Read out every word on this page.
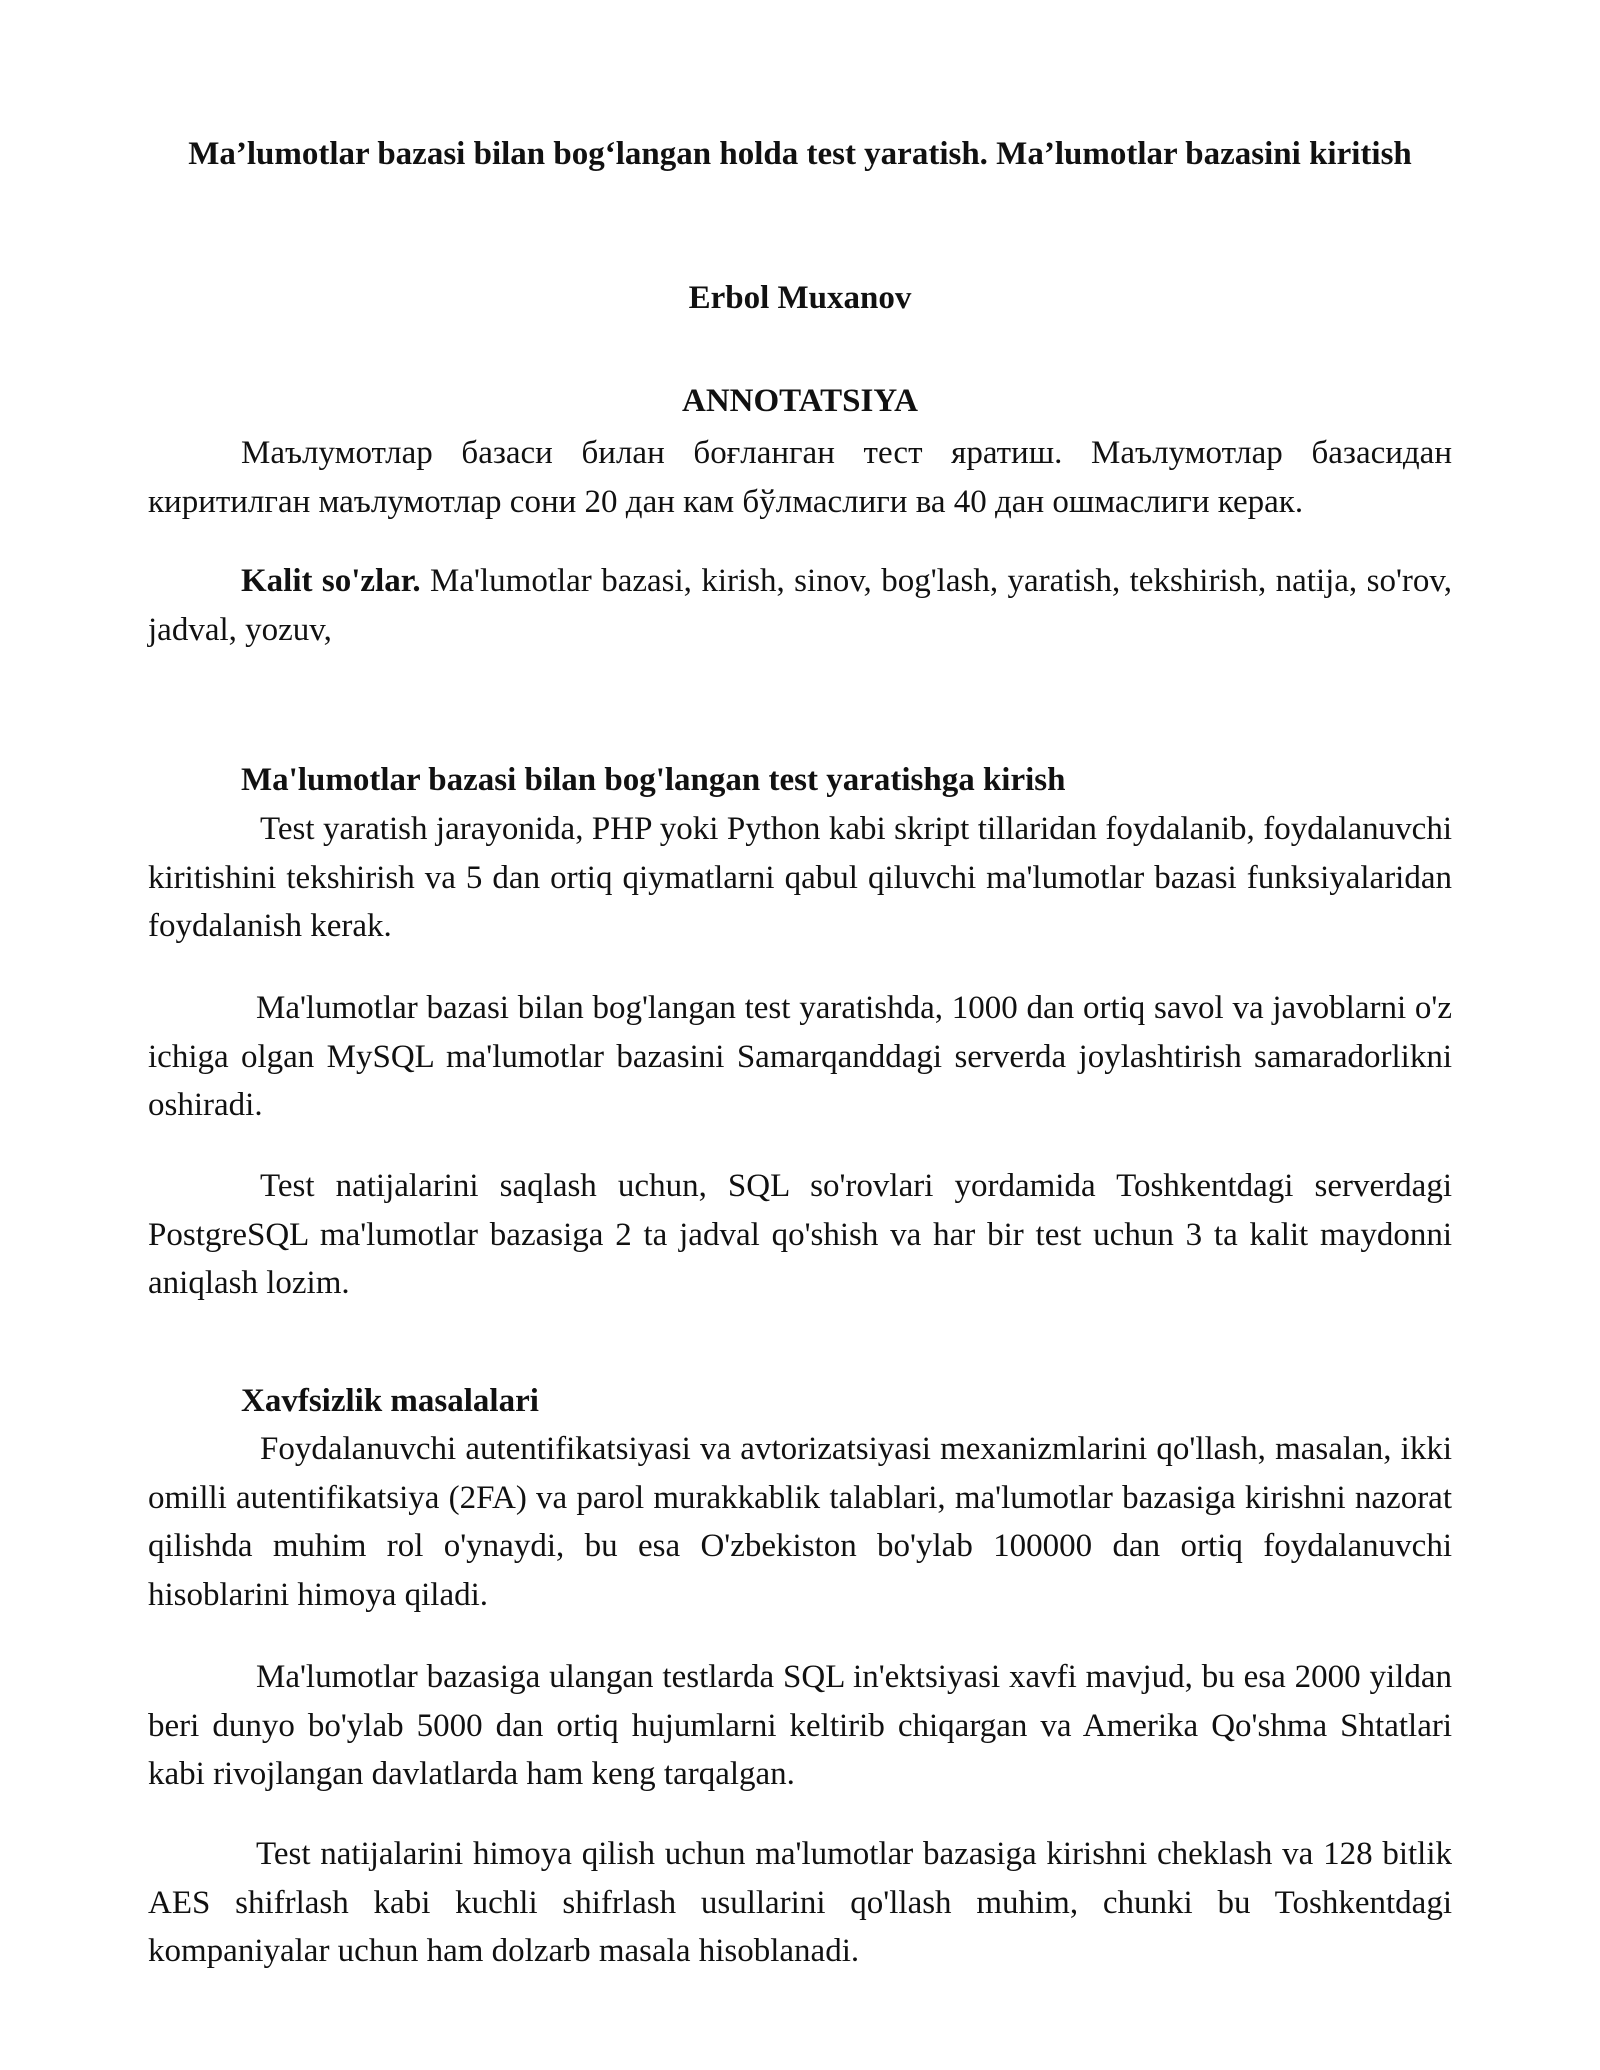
Ma’lumotlar bazasi bilan bog‘langan holda test yaratish. Ma’lumotlar bazasini kiritish

Erbol Muxanov

ANNOTATSIYA

Маълумотлар базаси билан боғланган тест яратиш. Маълумотлар базасидан киритилган маълумотлар сони 20 дан кам бўлмаслиги ва 40 дан ошмаслиги керак.

Kalit so'zlar. Ma'lumotlar bazasi, kirish, sinov, bog'lash, yaratish, tekshirish, natija, so'rov, jadval, yozuv,

Ma'lumotlar bazasi bilan bog'langan test yaratishga kirish

Test yaratish jarayonida, PHP yoki Python kabi skript tillaridan foydalanib, foydalanuvchi kiritishini tekshirish va 5 dan ortiq qiymatlarni qabul qiluvchi ma'lumotlar bazasi funksiyalaridan foydalanish kerak.

Ma'lumotlar bazasi bilan bog'langan test yaratishda, 1000 dan ortiq savol va javoblarni o'z ichiga olgan MySQL ma'lumotlar bazasini Samarqanddagi serverda joylashtirish samaradorlikni oshiradi.

Test natijalarini saqlash uchun, SQL so'rovlari yordamida Toshkentdagi serverdagi PostgreSQL ma'lumotlar bazasiga 2 ta jadval qo'shish va har bir test uchun 3 ta kalit maydonni aniqlash lozim.

Xavfsizlik masalalari

Foydalanuvchi autentifikatsiyasi va avtorizatsiyasi mexanizmlarini qo'llash, masalan, ikki omilli autentifikatsiya (2FA) va parol murakkablik talablari, ma'lumotlar bazasiga kirishni nazorat qilishda muhim rol o'ynaydi, bu esa O'zbekiston bo'ylab 100000 dan ortiq foydalanuvchi hisoblarini himoya qiladi.

Ma'lumotlar bazasiga ulangan testlarda SQL in'ektsiyasi xavfi mavjud, bu esa 2000 yildan beri dunyo bo'ylab 5000 dan ortiq hujumlarni keltirib chiqargan va Amerika Qo'shma Shtatlari kabi rivojlangan davlatlarda ham keng tarqalgan.

Test natijalarini himoya qilish uchun ma'lumotlar bazasiga kirishni cheklash va 128 bitlik AES shifrlash kabi kuchli shifrlash usullarini qo'llash muhim, chunki bu Toshkentdagi kompaniyalar uchun ham dolzarb masala hisoblanadi.
